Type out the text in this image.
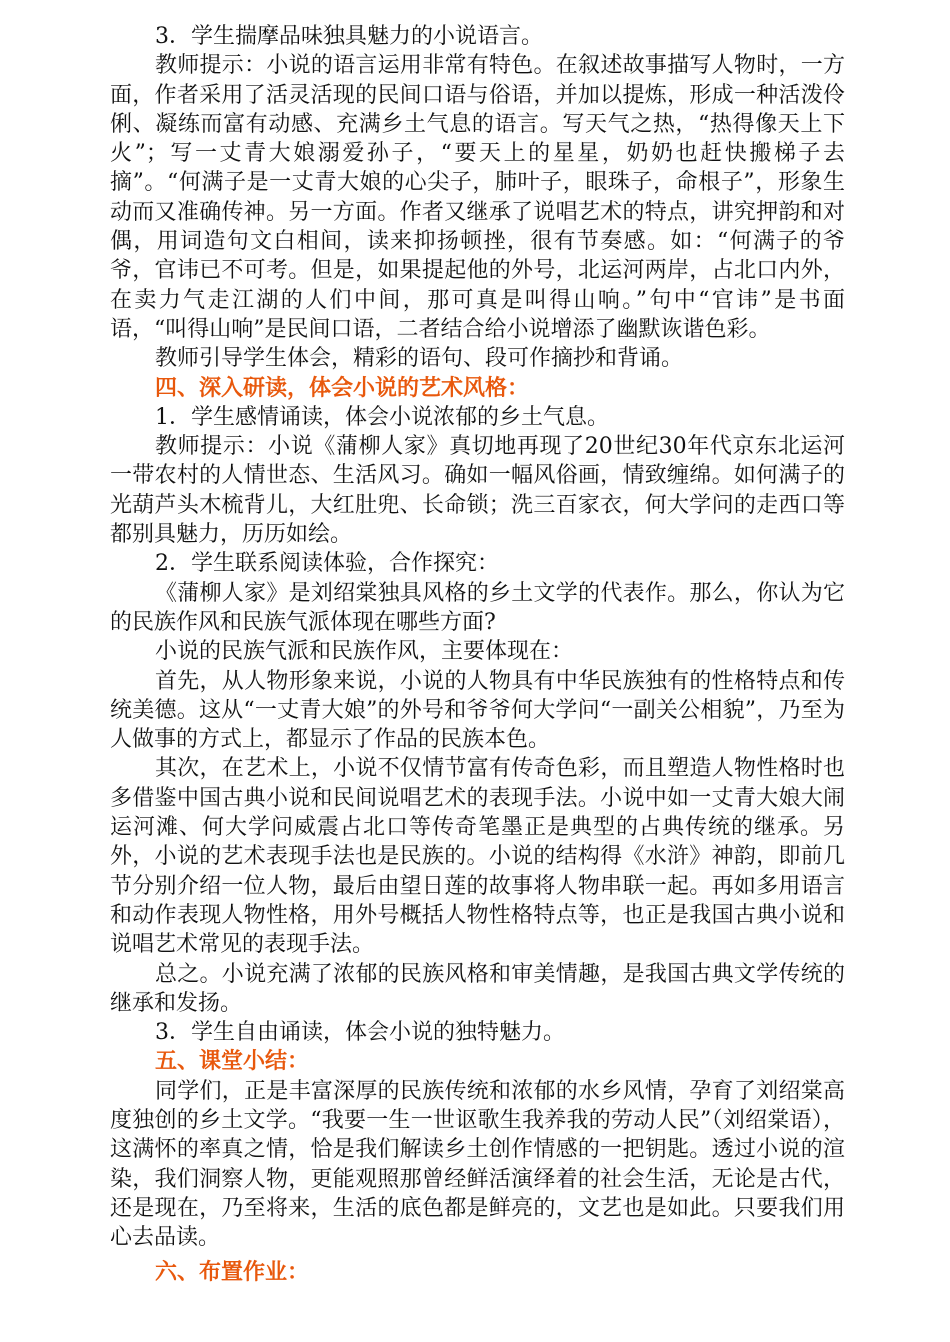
3．学生揣摩品味独具魅力的小说语言。

教师提示：小说的语言运用非常有特色。在叙述故事描写人物时，一方面，作者采用了活灵活现的民间口语与俗语，并加以提炼，形成一种活泼伶俐、凝练而富有动感、充满乡土气息的语言。写天气之热，“热得像天上下火”；写一丈青大娘溺爱孙子，“要天上的星星，奶奶也赶快搬梯子去摘”。“何满子是一丈青大娘的心尖子，肺叶子，眼珠子，命根子”，形象生动而又准确传神。另一方面。作者又继承了说唱艺术的特点，讲究押韵和对偶，用词造句文白相间，读来抑扬顿挫，很有节奏感。如：“何满子的爷爷，官讳已不可考。但是，如果提起他的外号，北运河两岸，占北口内外，在卖力气走江湖的人们中间，那可真是叫得山响。”句中“官讳”是书面语，“叫得山响”是民间口语，二者结合给小说增添了幽默诙谐色彩。

教师引导学生体会，精彩的语句、段可作摘抄和背诵。

四、深入研读，体会小说的艺术风格：

1．学生感情诵读，体会小说浓郁的乡土气息。

教师提示：小说《蒲柳人家》真切地再现了20世纪30年代京东北运河一带农村的人情世态、生活风习。确如一幅风俗画，情致缠绵。如何满子的光葫芦头木梳背儿，大红肚兜、长命锁；洗三百家衣，何大学问的走西口等都别具魅力，历历如绘。

2．学生联系阅读体验，合作探究：

《蒲柳人家》是刘绍棠独具风格的乡土文学的代表作。那么，你认为它的民族作风和民族气派体现在哪些方面?

小说的民族气派和民族作风，主要体现在：

首先，从人物形象来说，小说的人物具有中华民族独有的性格特点和传统美德。这从“一丈青大娘”的外号和爷爷何大学问“一副关公相貌”，乃至为人做事的方式上，都显示了作品的民族本色。

其次，在艺术上，小说不仅情节富有传奇色彩，而且塑造人物性格时也多借鉴中国古典小说和民间说唱艺术的表现手法。小说中如一丈青大娘大闹运河滩、何大学问威震占北口等传奇笔墨正是典型的占典传统的继承。另外，小说的艺术表现手法也是民族的。小说的结构得《水浒》神韵，即前几节分别介绍一位人物，最后由望日莲的故事将人物串联一起。再如多用语言和动作表现人物性格，用外号概括人物性格特点等，也正是我国古典小说和说唱艺术常见的表现手法。

总之。小说充满了浓郁的民族风格和审美情趣，是我国古典文学传统的继承和发扬。

3．学生自由诵读，体会小说的独特魅力。

五、课堂小结：

同学们，正是丰富深厚的民族传统和浓郁的水乡风情，孕育了刘绍棠高度独创的乡土文学。“我要一生一世讴歌生我养我的劳动人民”（刘绍棠语），这满怀的率真之情，恰是我们解读乡土创作情感的一把钥匙。透过小说的渲染，我们洞察人物，更能观照那曾经鲜活演绎着的社会生活，无论是古代，还是现在，乃至将来，生活的底色都是鲜亮的，文艺也是如此。只要我们用心去品读。

六、布置作业：
